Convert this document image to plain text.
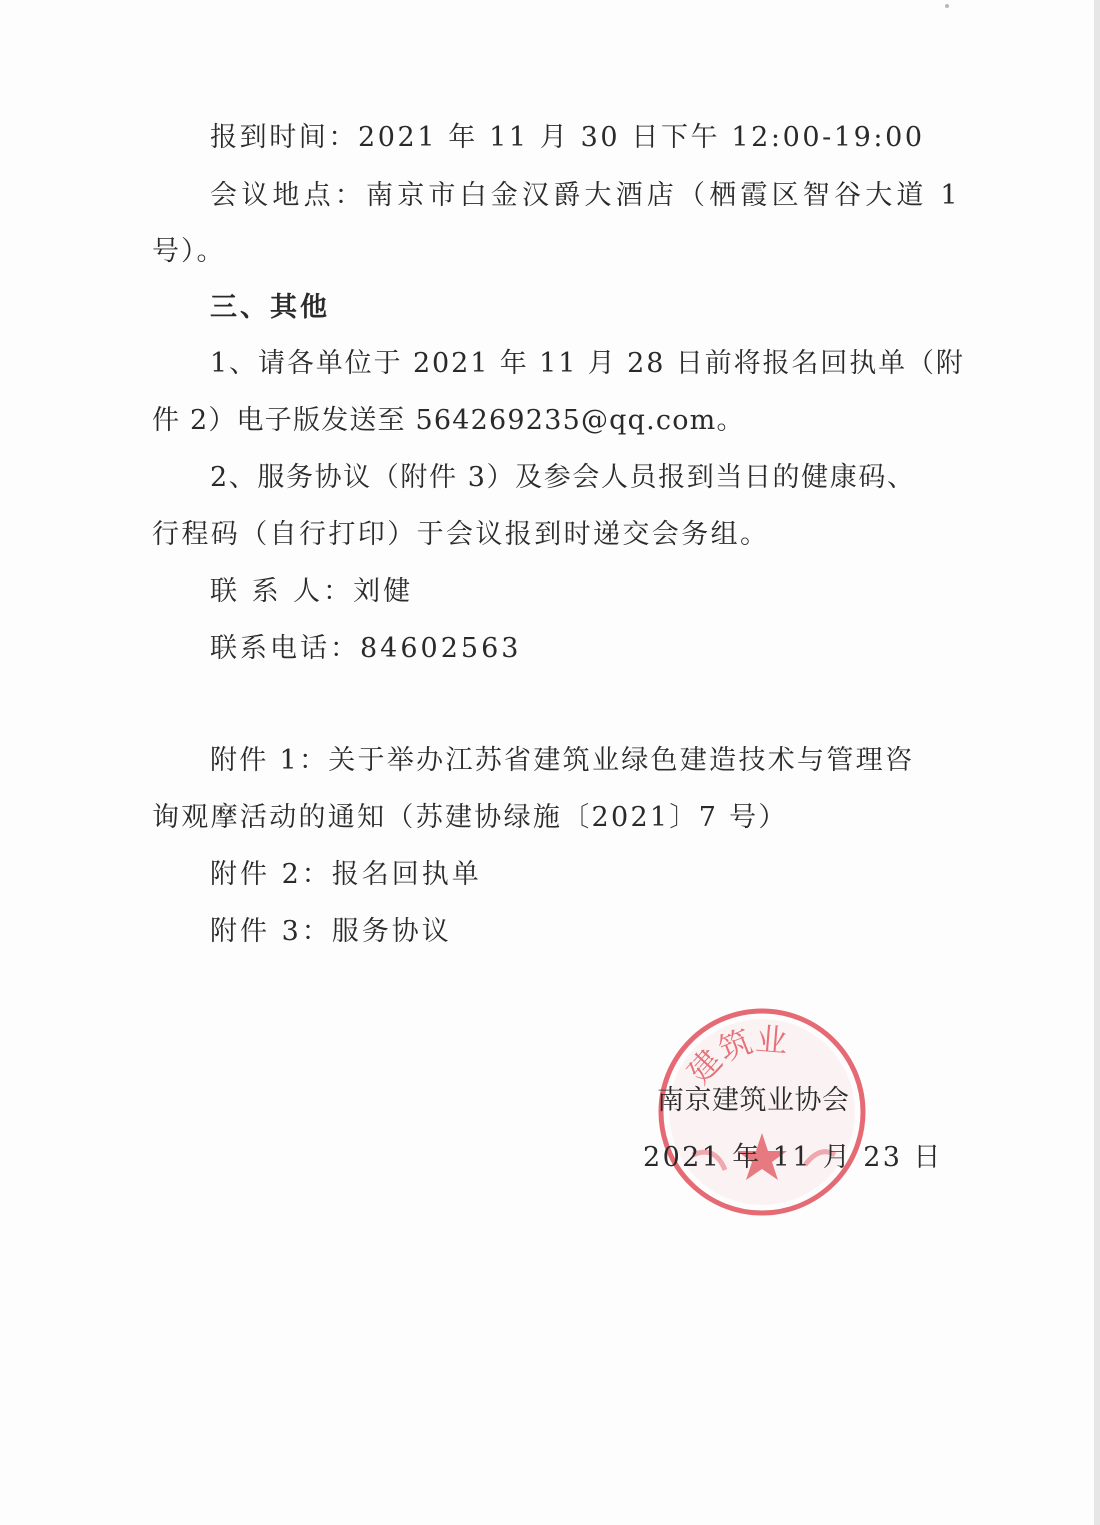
报到时间：2021 年 11 月 30 日下午 12:00-19:00
会议地点：南京市白金汉爵大酒店（栖霞区智谷大道 1
号）。
三、其他
1、请各单位于 2021 年 11 月 28 日前将报名回执单（附
件 2）电子版发送至 564269235@qq.com。
2、服务协议（附件 3）及参会人员报到当日的健康码、
行程码（自行打印）于会议报到时递交会务组。
联 系 人：刘健
联系电话：84602563
附件 1：关于举办江苏省建筑业绿色建造技术与管理咨
询观摩活动的通知（苏建协绿施〔2021〕7 号）
附件 2：报名回执单
附件 3：服务协议
建筑业
南京建筑业协会
2021 年 11 月 23 日
